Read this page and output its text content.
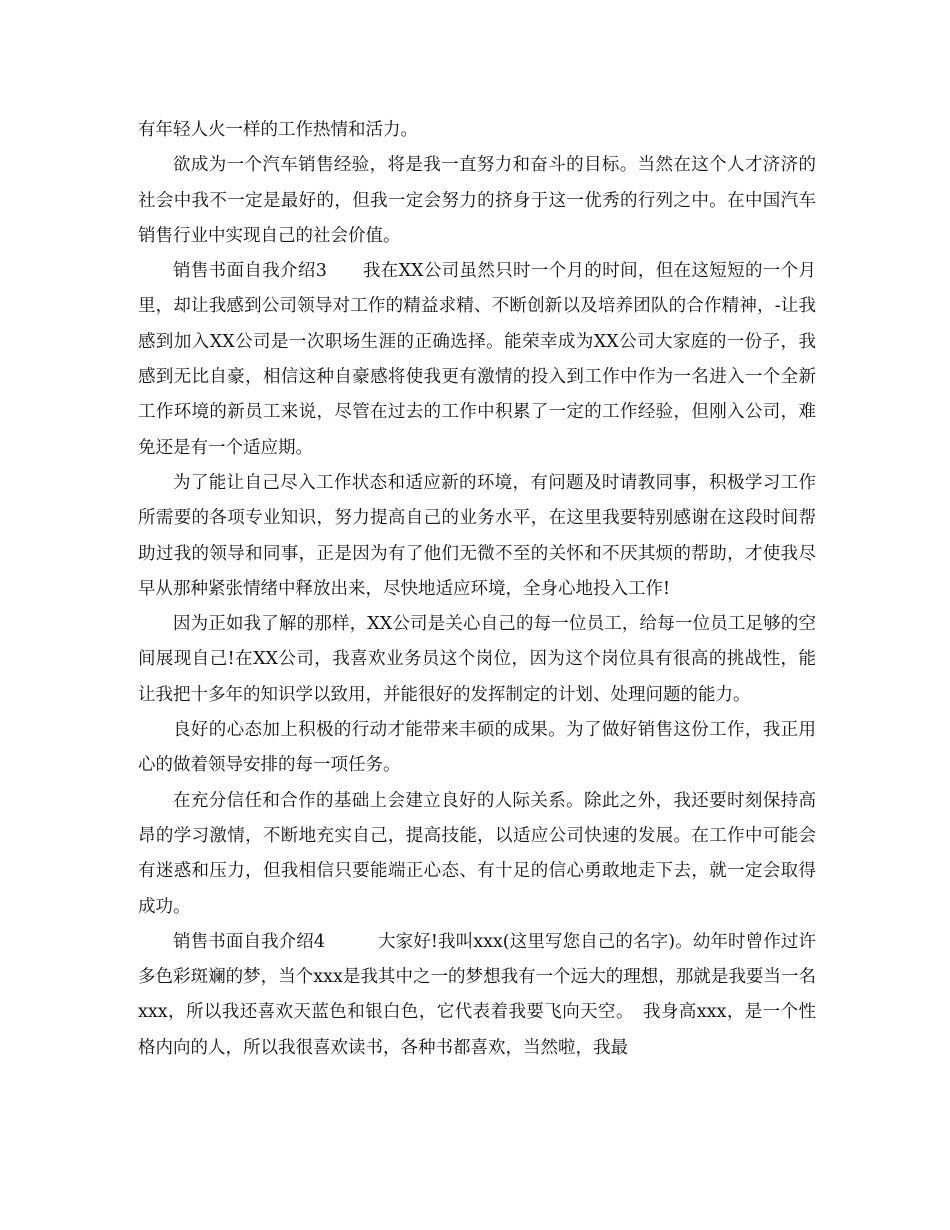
有年轻人火一样的工作热情和活力。

欲成为一个汽车销售经验，将是我一直努力和奋斗的目标。当然在这个人才济济的社会中我不一定是最好的，但我一定会努力的挤身于这一优秀的行列之中。在中国汽车销售行业中实现自己的社会价值。

销售书面自我介绍3　　我在XX公司虽然只时一个月的时间，但在这短短的一个月里，却让我感到公司领导对工作的精益求精、不断创新以及培养团队的合作精神，-让我感到加入XX公司是一次职场生涯的正确选择。能荣幸成为XX公司大家庭的一份子，我感到无比自豪，相信这种自豪感将使我更有激情的投入到工作中作为一名进入一个全新工作环境的新员工来说，尽管在过去的工作中积累了一定的工作经验，但刚入公司，难免还是有一个适应期。

为了能让自己尽入工作状态和适应新的环境，有问题及时请教同事，积极学习工作所需要的各项专业知识，努力提高自己的业务水平，在这里我要特别感谢在这段时间帮助过我的领导和同事，正是因为有了他们无微不至的关怀和不厌其烦的帮助，才使我尽早从那种紧张情绪中释放出来，尽快地适应环境，全身心地投入工作!

因为正如我了解的那样，XX公司是关心自己的每一位员工，给每一位员工足够的空间展现自己!在XX公司，我喜欢业务员这个岗位，因为这个岗位具有很高的挑战性，能让我把十多年的知识学以致用，并能很好的发挥制定的计划、处理问题的能力。

良好的心态加上积极的行动才能带来丰硕的成果。为了做好销售这份工作，我正用心的做着领导安排的每一项任务。

在充分信任和合作的基础上会建立良好的人际关系。除此之外，我还要时刻保持高昂的学习激情，不断地充实自己，提高技能，以适应公司快速的发展。在工作中可能会有迷惑和压力，但我相信只要能端正心态、有十足的信心勇敢地走下去，就一定会取得成功。

销售书面自我介绍4　　　大家好!我叫xxx(这里写您自己的名字)。幼年时曾作过许多色彩斑斓的梦，当个xxx是我其中之一的梦想我有一个远大的理想，那就是我要当一名xxx，所以我还喜欢天蓝色和银白色，它代表着我要飞向天空。　我身高xxx，是一个性格内向的人，所以我很喜欢读书，各种书都喜欢，当然啦，我最
